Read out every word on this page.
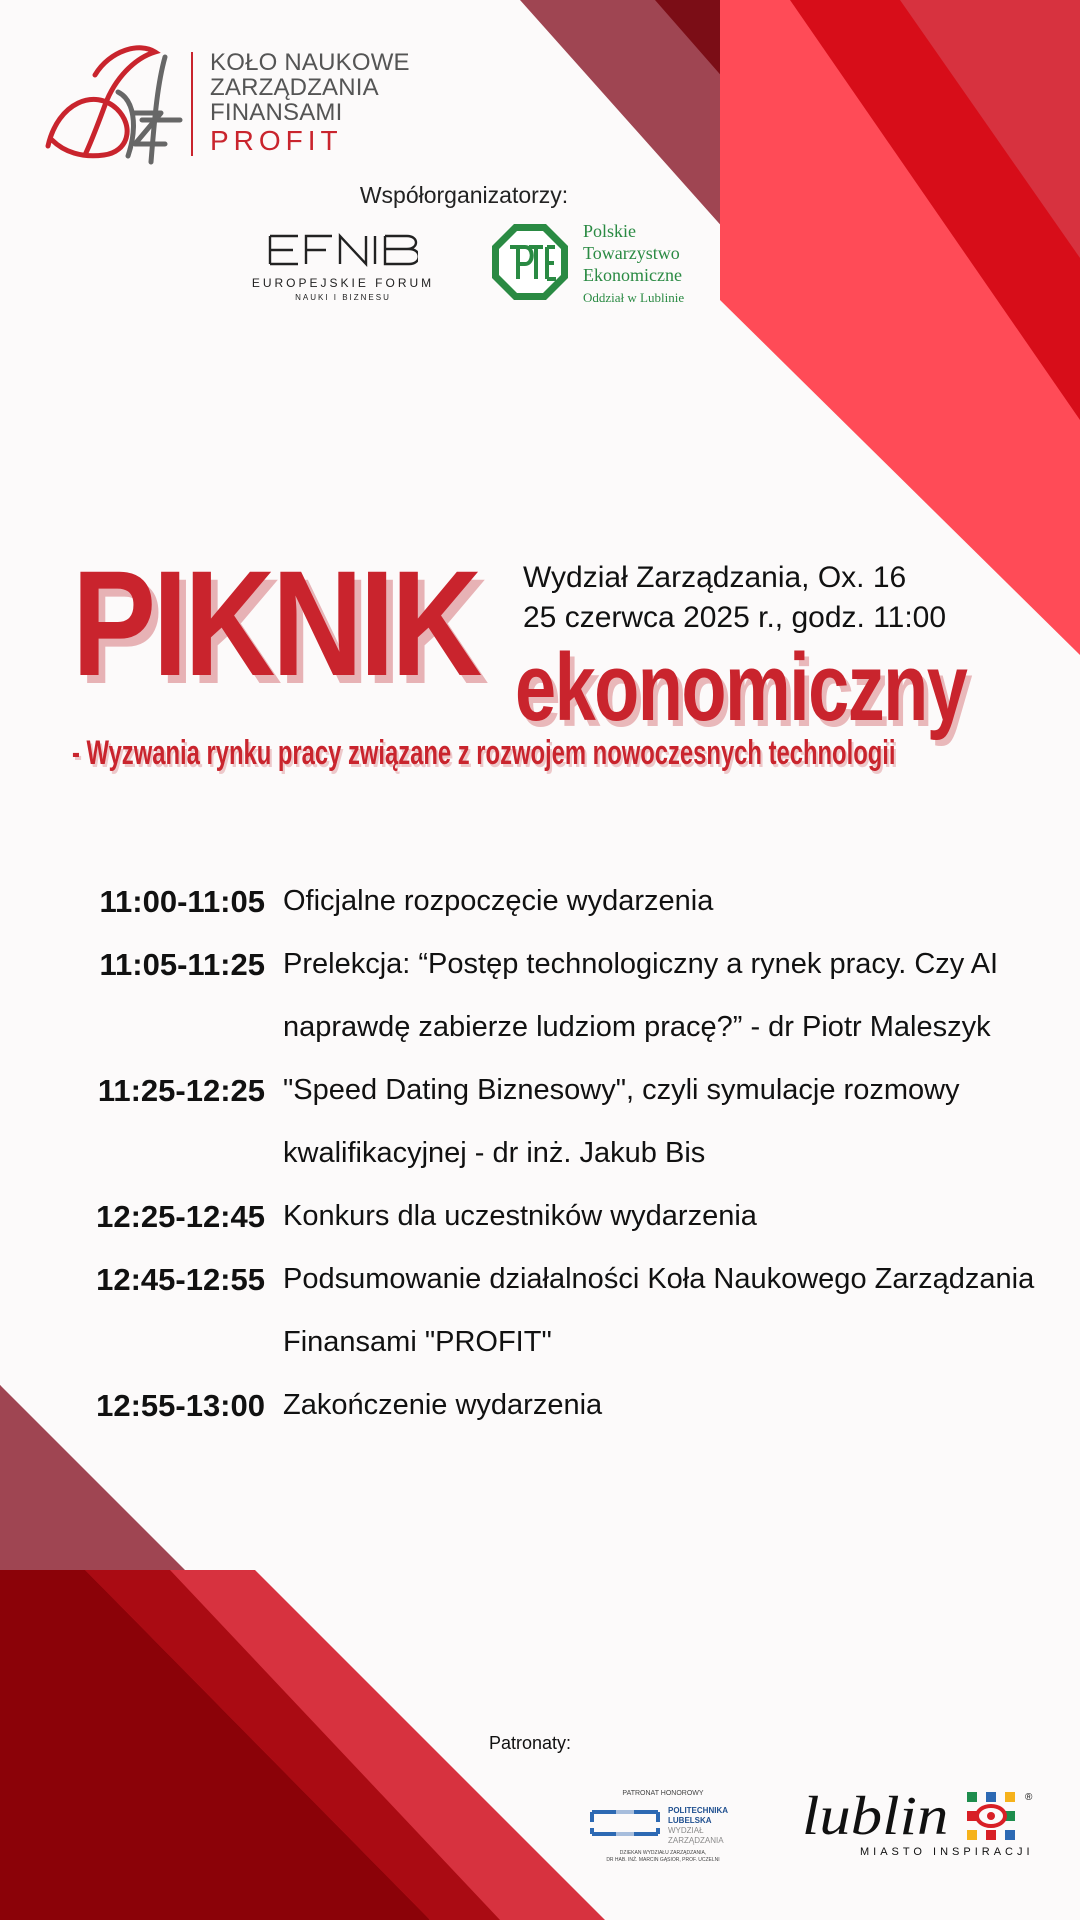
KOŁO NAUKOWE
ZARZĄDZANIA
FINANSAMI
PROFIT
Współorganizatorzy:
EUROPEJSKIE FORUM
NAUKI I BIZNESU
Polskie
Towarzystwo
Ekonomiczne
Oddział w Lublinie
PIKNIK ekonomiczny
- Wyzwania rynku pracy związane z rozwojem nowoczesnych technologii
Wydział Zarządzania, Ox. 16
25 czerwca 2025 r., godz. 11:00
11:00-11:05 Oficjalne rozpoczęcie wydarzenia
11:05-11:25 Prelekcja: “Postęp technologiczny a rynek pracy. Czy AI
naprawdę zabierze ludziom pracę?” - dr Piotr Maleszyk
11:25-12:25 "Speed Dating Biznesowy", czyli symulacje rozmowy
kwalifikacyjnej - dr inż. Jakub Bis
12:25-12:45 Konkurs dla uczestników wydarzenia
12:45-12:55 Podsumowanie działalności Koła Naukowego Zarządzania
Finansami "PROFIT"
12:55-13:00 Zakończenie wydarzenia
Patronaty:
PATRONAT HONOROWY
POLITECHNIKA
LUBELSKA
WYDZIAŁ
ZARZĄDZANIA
DZIEKAN WYDZIAŁU ZARZĄDZANIA,
DR HAB. INŻ. MARCIN GĄSIOR, PROF. UCZELNI
lublin	®
MIASTO INSPIRACJI
